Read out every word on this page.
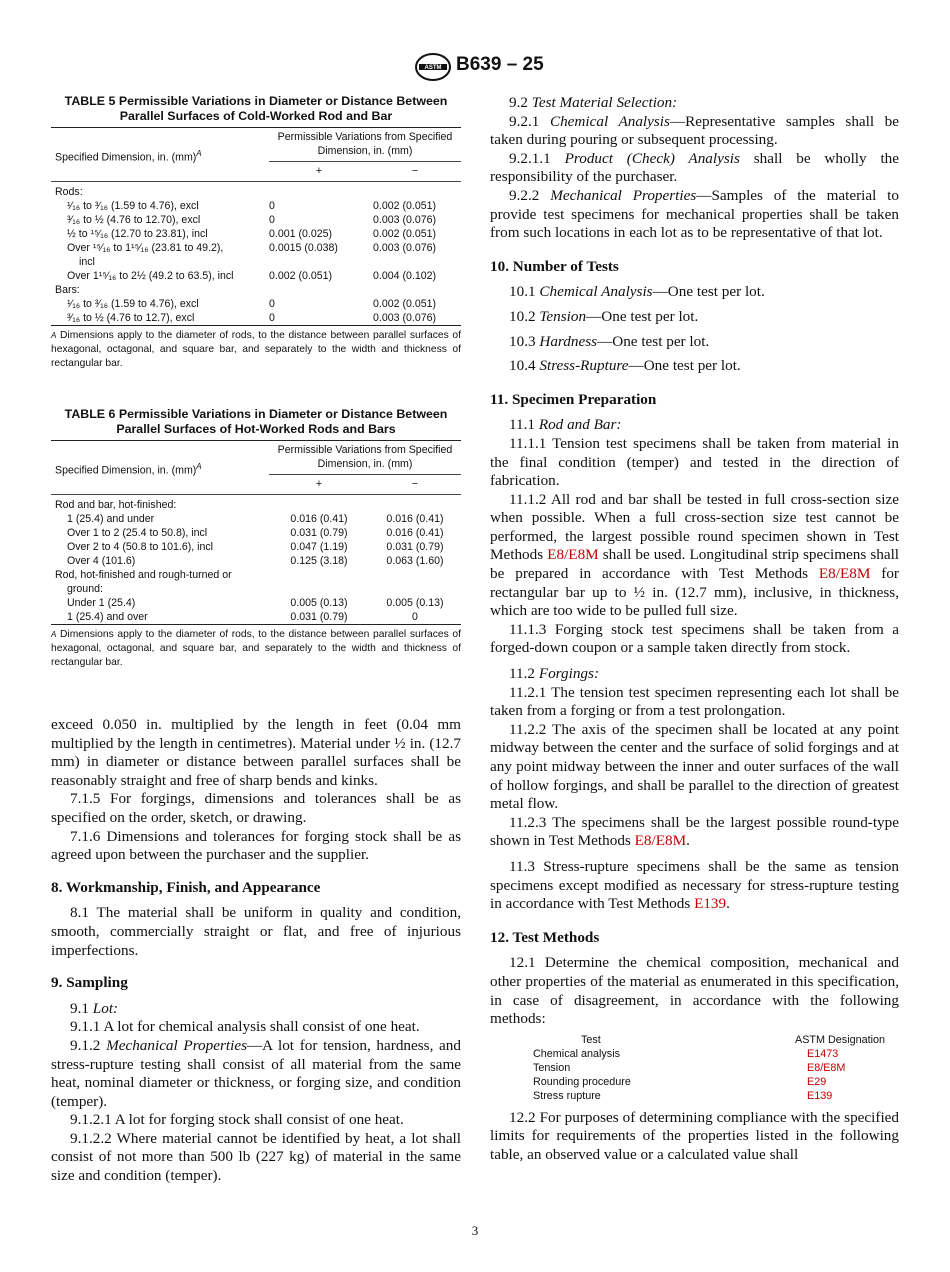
ASTM B639 – 25
TABLE 5 Permissible Variations in Diameter or Distance Between Parallel Surfaces of Cold-Worked Rod and Bar

Specified Dimension, in. (mm)$^A$	Permissible Variations from Specified Dimension, in. (mm)	

	+	−

Rods:		
¹⁄₁₆ to ³⁄₁₆ (1.59 to 4.76), excl	0	0.002 (0.051)
³⁄₁₆ to ½ (4.76 to 12.70), excl	0	0.003 (0.076)
½ to ¹⁵⁄₁₆ (12.70 to 23.81), incl	0.001 (0.025)	0.002 (0.051)
Over ¹⁵⁄₁₆ to 1¹⁵⁄₁₆ (23.81 to 49.2),
incl	0.0015 (0.038)	0.003 (0.076)
Over 1¹⁵⁄₁₆ to 2½ (49.2 to 63.5), incl	0.002 (0.051)	0.004 (0.102)
Bars:		
¹⁄₁₆ to ³⁄₁₆ (1.59 to 4.76), excl	0	0.002 (0.051)
³⁄₁₆ to ½ (4.76 to 12.7), excl	0	0.003 (0.076)

$^A$ Dimensions apply to the diameter of rods, to the distance between parallel surfaces of hexagonal, octagonal, and square bar, and separately to the width and thickness of rectangular bar.
TABLE 6 Permissible Variations in Diameter or Distance Between Parallel Surfaces of Hot-Worked Rods and Bars

Specified Dimension, in. (mm)$^A$	Permissible Variations from Specified Dimension, in. (mm)	

	+	−

Rod and bar, hot-finished:		
1 (25.4) and under	0.016 (0.41)	0.016 (0.41)
Over 1 to 2 (25.4 to 50.8), incl	0.031 (0.79)	0.016 (0.41)
Over 2 to 4 (50.8 to 101.6), incl	0.047 (1.19)	0.031 (0.79)
Over 4 (101.6)	0.125 (3.18)	0.063 (1.60)
Rod, hot-finished and rough-turned or
ground:		

Under 1 (25.4)	0.005 (0.13)	0.005 (0.13)
1 (25.4) and over	0.031 (0.79)	0

$^A$ Dimensions apply to the diameter of rods, to the distance between parallel surfaces of hexagonal, octagonal, and square bar, and separately to the width and thickness of rectangular bar.

exceed 0.050 in. multiplied by the length in feet (0.04 mm multiplied by the length in centimetres). Material under ½ in. (12.7 mm) in diameter or distance between parallel surfaces shall be reasonably straight and free of sharp bends and kinks.

7.1.5 For forgings, dimensions and tolerances shall be as specified on the order, sketch, or drawing.

7.1.6 Dimensions and tolerances for forging stock shall be as agreed upon between the purchaser and the supplier.

8. Workmanship, Finish, and Appearance

8.1 The material shall be uniform in quality and condition, smooth, commercially straight or flat, and free of injurious imperfections.

9. Sampling

9.1 Lot:

9.1.1 A lot for chemical analysis shall consist of one heat.

9.1.2 Mechanical Properties—A lot for tension, hardness, and stress-rupture testing shall consist of all material from the same heat, nominal diameter or thickness, or forging size, and condition (temper).

9.1.2.1 A lot for forging stock shall consist of one heat.

9.1.2.2 Where material cannot be identified by heat, a lot shall consist of not more than 500 lb (227 kg) of material in the same size and condition (temper).

9.2 Test Material Selection:

9.2.1 Chemical Analysis—Representative samples shall be taken during pouring or subsequent processing.

9.2.1.1 Product (Check) Analysis shall be wholly the responsibility of the purchaser.

9.2.2 Mechanical Properties—Samples of the material to provide test specimens for mechanical properties shall be taken from such locations in each lot as to be representative of that lot.

10. Number of Tests

10.1 Chemical Analysis—One test per lot.

10.2 Tension—One test per lot.

10.3 Hardness—One test per lot.

10.4 Stress-Rupture—One test per lot.

11. Specimen Preparation

11.1 Rod and Bar:

11.1.1 Tension test specimens shall be taken from material in the final condition (temper) and tested in the direction of fabrication.

11.1.2 All rod and bar shall be tested in full cross-section size when possible. When a full cross-section size test cannot be performed, the largest possible round specimen shown in Test Methods E8/E8M shall be used. Longitudinal strip specimens shall be prepared in accordance with Test Methods E8/E8M for rectangular bar up to ½ in. (12.7 mm), inclusive, in thickness, which are too wide to be pulled full size.

11.1.3 Forging stock test specimens shall be taken from a forged-down coupon or a sample taken directly from stock.

11.2 Forgings:

11.2.1 The tension test specimen representing each lot shall be taken from a forging or from a test prolongation.

11.2.2 The axis of the specimen shall be located at any point midway between the center and the surface of solid forgings and at any point midway between the inner and outer surfaces of the wall of hollow forgings, and shall be parallel to the direction of greatest metal flow.

11.2.3 The specimens shall be the largest possible round-type shown in Test Methods E8/E8M.

11.3 Stress-rupture specimens shall be the same as tension specimens except modified as necessary for stress-rupture testing in accordance with Test Methods E139.

12. Test Methods

12.1 Determine the chemical composition, mechanical and other properties of the material as enumerated in this specification, in case of disagreement, in accordance with the following methods:

Test	ASTM Designation
Chemical analysis	E1473
Tension	E8/E8M
Rounding procedure	E29
Stress rupture	E139

12.2 For purposes of determining compliance with the specified limits for requirements of the properties listed in the following table, an observed value or a calculated value shall

3
